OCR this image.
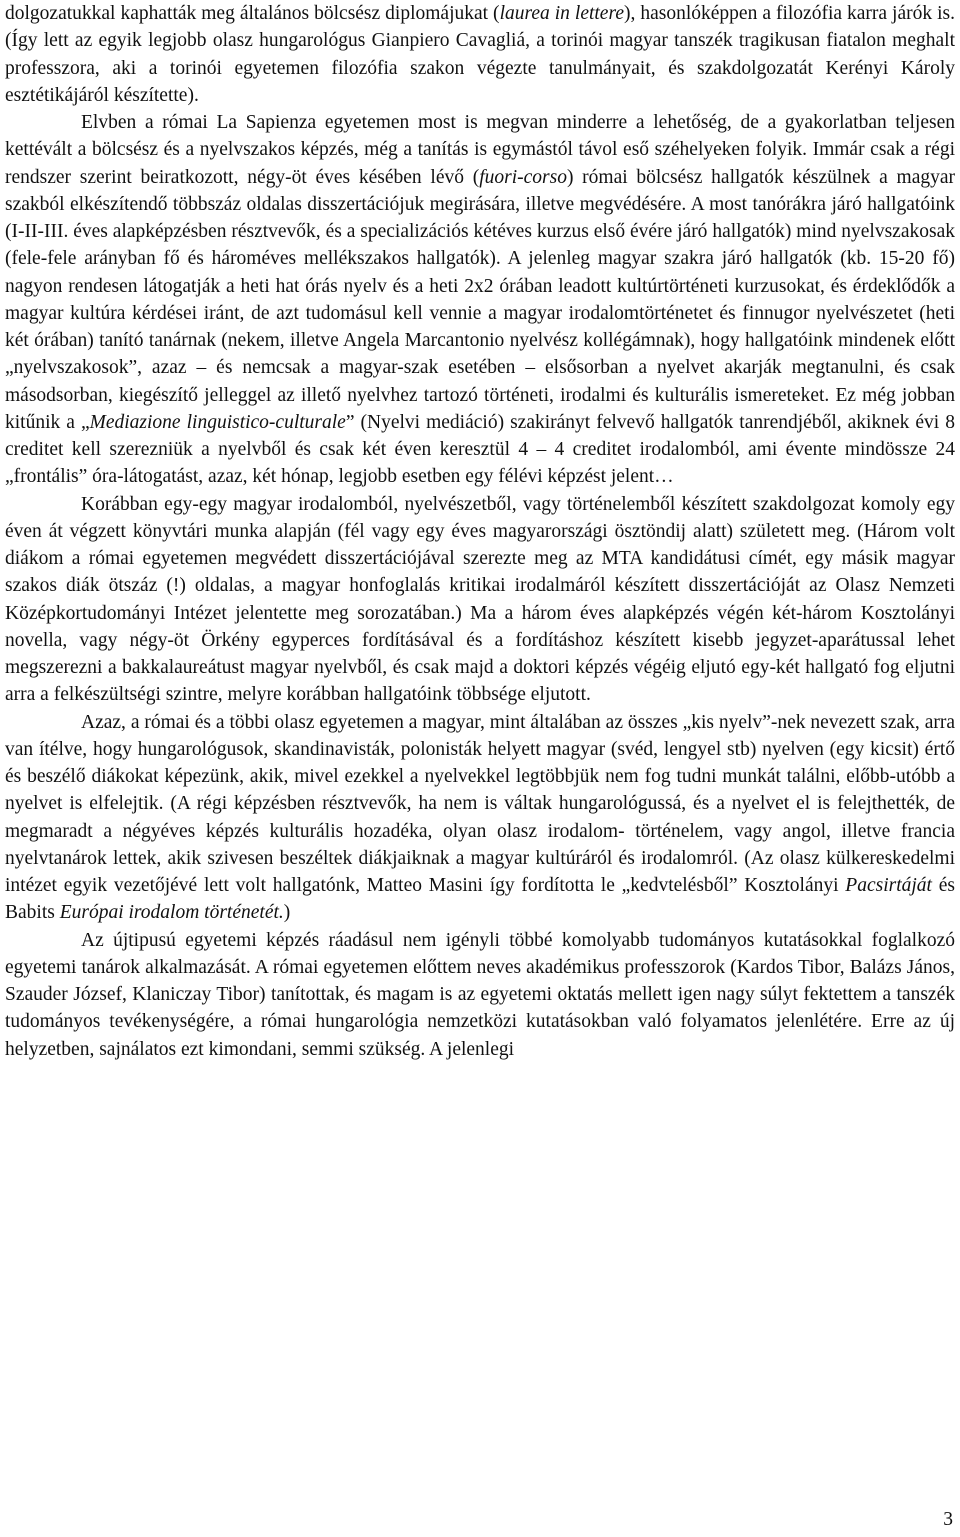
dolgozatukkal kaphatták meg általános bölcsész diplomájukat (laurea in lettere), hasonlóképpen a filozófia karra járók is. (Így lett az egyik legjobb olasz hungarológus Gianpiero Cavagliá, a torinói magyar tanszék tragikusan fiatalon meghalt professzora, aki a torinói egyetemen filozófia szakon végezte tanulmányait, és szakdolgozatát Kerényi Károly esztétikájáról készítette).

Elvben a római La Sapienza egyetemen most is megvan minderre a lehetőség, de a gyakorlatban teljesen kettévált a bölcsész és a nyelvszakos képzés, még a tanítás is egymástól távol eső széhelyeken folyik. Immár csak a régi rendszer szerint beiratkozott, négy-öt éves késében lévő (fuori-corso) római bölcsész hallgatók készülnek a magyar szakból elkészítendő többszáz oldalas disszertációjuk megirására, illetve megvédésére. A most tanórákra járó hallgatóink (I-II-III. éves alapképzésben résztvevők, és a specializációs kétéves kurzus első évére járó hallgatók) mind nyelvszakosak (fele-fele arányban fő és hároméves mellékszakos hallgatók). A jelenleg magyar szakra járó hallgatók (kb. 15-20 fő) nagyon rendesen látogatják a heti hat órás nyelv és a heti 2x2 órában leadott kultúrtörténeti kurzusokat, és érdeklődők a magyar kultúra kérdései iránt, de azt tudomásul kell vennie a magyar irodalomtörténetet és finnugor nyelvészetet (heti két órában) tanító tanárnak (nekem, illetve Angela Marcantonio nyelvész kollégámnak), hogy hallgatóink mindenek előtt „nyelvszakosok”, azaz – és nemcsak a magyar-szak esetében – elsősorban a nyelvet akarják megtanulni, és csak másodsorban, kiegészítő jelleggel az illető nyelvhez tartozó történeti, irodalmi és kulturális ismereteket. Ez még jobban kitűnik a „Mediazione linguistico-culturale” (Nyelvi mediáció) szakirányt felvevő hallgatók tanrendjéből, akiknek évi 8 creditet kell szerezniük a nyelvből és csak két éven keresztül 4 – 4 creditet irodalomból, ami évente mindössze 24 „frontális” óra-látogatást, azaz, két hónap, legjobb esetben egy félévi képzést jelent…

Korábban egy-egy magyar irodalomból, nyelvészetből, vagy történelemből készített szakdolgozat komoly egy éven át végzett könyvtári munka alapján (fél vagy egy éves magyarországi ösztöndij alatt) született meg. (Három volt diákom a római egyetemen megvédett disszertációjával szerezte meg az MTA kandidátusi címét, egy másik magyar szakos diák ötszáz (!) oldalas, a magyar honfoglalás kritikai irodalmáról készített disszertációját az Olasz Nemzeti Középkortudományi Intézet jelentette meg sorozatában.) Ma a három éves alapképzés végén két-három Kosztolányi novella, vagy négy-öt Örkény egyperces fordításával és a fordításhoz készített kisebb jegyzet-aparátussal lehet megszerezni a bakkalaureátust magyar nyelvből, és csak majd a doktori képzés végéig eljutó egy-két hallgató fog eljutni arra a felkészültségi szintre, melyre korábban hallgatóink többsége eljutott.

Azaz, a római és a többi olasz egyetemen a magyar, mint általában az összes „kis nyelv”-nek nevezett szak, arra van ítélve, hogy hungarológusok, skandinavisták, polonisták helyett magyar (svéd, lengyel stb) nyelven (egy kicsit) értő és beszélő diákokat képezünk, akik, mivel ezekkel a nyelvekkel legtöbbjük nem fog tudni munkát találni, előbb-utóbb a nyelvet is elfelejtik. (A régi képzésben résztvevők, ha nem is váltak hungarológussá, és a nyelvet el is felejthették, de megmaradt a négyéves képzés kulturális hozadéka, olyan olasz irodalom- történelem, vagy angol, illetve francia nyelvtanárok lettek, akik szivesen beszéltek diákjaiknak a magyar kultúráról és irodalomról. (Az olasz külkereskedelmi intézet egyik vezetőjévé lett volt hallgatónk, Matteo Masini így fordította le „kedvtelésből” Kosztolányi Pacsirtáját és Babits Európai irodalom történetét.)

Az újtipusú egyetemi képzés ráadásul nem igényli többé komolyabb tudományos kutatásokkal foglalkozó egyetemi tanárok alkalmazását. A római egyetemen előttem neves akadémikus professzorok (Kardos Tibor, Balázs János, Szauder József, Klaniczay Tibor) tanítottak, és magam is az egyetemi oktatás mellett igen nagy súlyt fektettem a tanszék tudományos tevékenységére, a római hungarológia nemzetközi kutatásokban való folyamatos jelenlétére. Erre az új helyzetben, sajnálatos ezt kimondani, semmi szükség. A jelenlegi

3
